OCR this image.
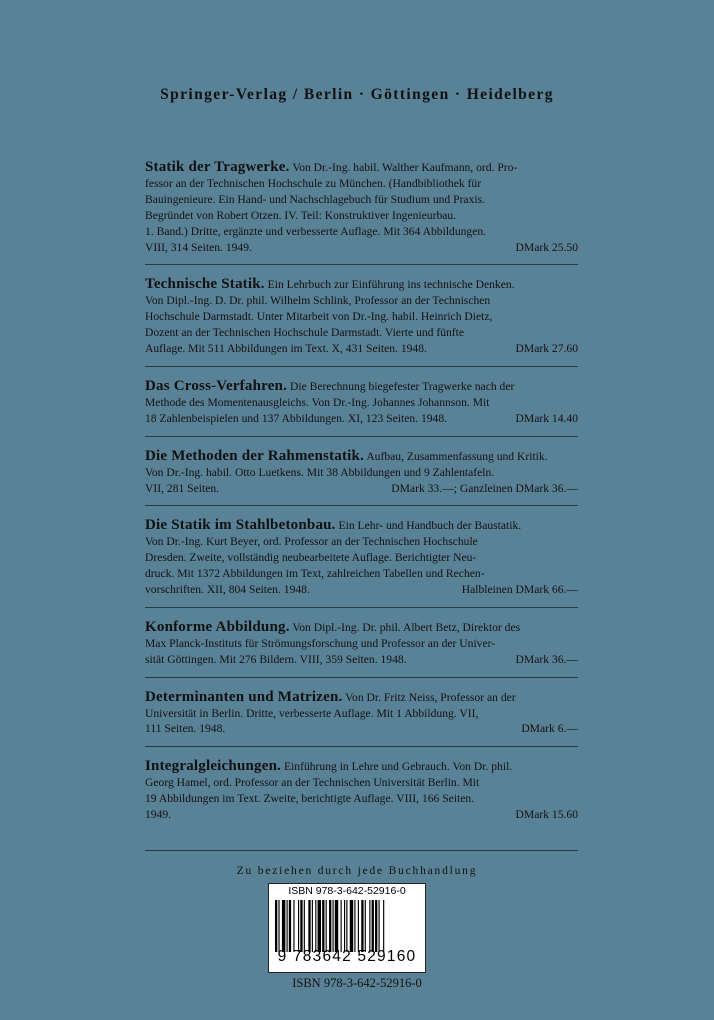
Springer-Verlag / Berlin · Göttingen · Heidelberg
Statik der Tragwerke. Von Dr.-Ing. habil. Walther Kaufmann, ord. Pro-
fessor an der Technischen Hochschule zu München. (Handbibliothek für
Bauingenieure. Ein Hand- und Nachschlagebuch für Studium und Praxis.
Begründet von Robert Otzen. IV. Teil: Konstruktiver Ingenieurbau.
1. Band.) Dritte, ergänzte und verbesserte Auflage. Mit 364 Abbildungen.
VIII, 314 Seiten. 1949.	DMark 25.50
Technische Statik. Ein Lehrbuch zur Einführung ins technische Denken.
Von Dipl.-Ing. D. Dr. phil. Wilhelm Schlink, Professor an der Technischen
Hochschule Darmstadt. Unter Mitarbeit von Dr.-Ing. habil. Heinrich Dietz,
Dozent an der Technischen Hochschule Darmstadt. Vierte und fünfte
Auflage. Mit 511 Abbildungen im Text. X, 431 Seiten. 1948.	DMark 27.60
Das Cross-Verfahren. Die Berechnung biegefester Tragwerke nach der
Methode des Momentenausgleichs. Von Dr.-Ing. Johannes Johannson. Mit
18 Zahlenbeispielen und 137 Abbildungen. XI, 123 Seiten. 1948.	DMark 14.40
Die Methoden der Rahmenstatik. Aufbau, Zusammenfassung und Kritik.
Von Dr.-Ing. habil. Otto Luetkens. Mit 38 Abbildungen und 9 Zahlentafeln.
VII, 281 Seiten.	DMark 33.—; Ganzleinen DMark 36.—
Die Statik im Stahlbetonbau. Ein Lehr- und Handbuch der Baustatik.
Von Dr.-Ing. Kurt Beyer, ord. Professor an der Technischen Hochschule
Dresden. Zweite, vollständig neubearbeitete Auflage. Berichtigter Neu-
druck. Mit 1372 Abbildungen im Text, zahlreichen Tabellen und Rechen-
vorschriften. XII, 804 Seiten. 1948.	Halbleinen DMark 66.—
Konforme Abbildung. Von Dipl.-Ing. Dr. phil. Albert Betz, Direktor des
Max Planck-Instituts für Strömungsforschung und Professor an der Univer-
sität Göttingen. Mit 276 Bildern. VIII, 359 Seiten. 1948.	DMark 36.—
Determinanten und Matrizen. Von Dr. Fritz Neiss, Professor an der
Universität in Berlin. Dritte, verbesserte Auflage. Mit 1 Abbildung. VII,
111 Seiten. 1948.	DMark 6.—
Integralgleichungen. Einführung in Lehre und Gebrauch. Von Dr. phil.
Georg Hamel, ord. Professor an der Technischen Universität Berlin. Mit
19 Abbildungen im Text. Zweite, berichtigte Auflage. VIII, 166 Seiten.
1949.	DMark 15.60
Zu beziehen durch jede Buchhandlung
ISBN 978-3-642-52916-0
9 783642 529160
ISBN 978-3-642-52916-0
